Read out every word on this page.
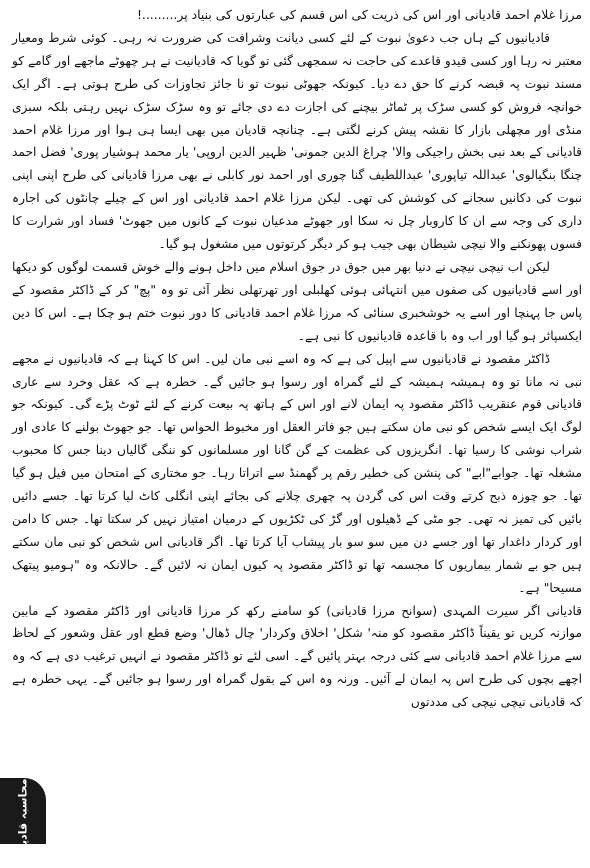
مرزا غلام احمد قادیانی اور اس کی ذریت کی اس قسم کی عبارتوں کی بنیاد پر.........!

قادیانیوں کے ہاں جب دعویٰ نبوت کے لئے کسی دیانت وشرافت کی ضرورت نہ رہی۔ کوئی شرط ومعیار معتبر نہ رہا اور کسی قیدو قاعدے کی حاجت نہ سمجھی گئی تو گویا کہ قادیانیت نے ہر چھوٹے ماجھے اور گامے کو مسند نبوت پہ قبضہ کرنے کا حق دے دیا۔ کیونکہ جھوٹی نبوت تو نا جائز تجاوزات کی طرح ہوتی ہے۔ اگر ایک خوانچہ فروش کو کسی سڑک پر ٹماٹر بیچنے کی اجازت دے دی جائے تو وہ سڑک سڑک نہیں رہتی بلکہ سبزی منڈی اور مچھلی بازار کا نقشہ پیش کرنے لگتی ہے۔ چنانچہ قادیان میں بھی ایسا ہی ہوا اور مرزا غلام احمد قادیانی کے بعد نبی بخش راجیکی والا' چراغ الدین جمونی' ظہیر الدین اروپی' یار محمد ہوشیار پوری' فضل احمد چنگا بنگیالوی' عبداللہ تیاپوری' عبداللطیف گنا چوری اور احمد نور کابلی نے بھی مرزا قادیانی کی طرح اپنی اپنی نبوت کی دکانیں سجانے کی کوشش کی تھی۔ لیکن مرزا غلام احمد قادیانی اور اس کے چیلے چانٹوں کی اجارہ داری کی وجہ سے ان کا کاروبار چل نہ سکا اور جھوٹے مدعیان نبوت کے کانوں میں جھوٹ' فساد اور شرارت کا فسوں پھونکنے والا نیچی شیطان بھی جیب ہو کر دیگر کرتوتوں میں مشغول ہو گیا۔

لیکن اب نیچی نیچی نے دنیا بھر میں جوق در جوق اسلام میں داخل ہونے والے خوش قسمت لوگوں کو دیکھا اور اسے قادیانیوں کی صفوں میں انتہائی ہوئی کھلبلی اور تھرتھلی نظر آئی تو وہ "پچ" کر کے ڈاکٹر مقصود کے پاس جا پہنچا اور اسے یہ خوشخبری سنائی کہ مرزا غلام احمد قادیانی کا دور نبوت ختم ہو چکا ہے۔ اس کا دین ایکسپائر ہو گیا اور اب وہ با قاعدہ قادیانیوں کا نبی ہے۔

ڈاکٹر مقصود نے قادیانیوں سے اپیل کی ہے کہ وہ اسے نبی مان لیں۔ اس کا کہنا ہے کہ قادیانیوں نے مجھے نبی نہ مانا تو وہ ہمیشہ ہمیشہ کے لئے گمراہ اور رسوا ہو جائیں گے۔ خطرہ ہے کہ عقل وخرد سے عاری قادیانی قوم عنقریب ڈاکٹر مقصود پہ ایمان لانے اور اس کے ہاتھ پہ بیعت کرنے کے لئے ٹوٹ پڑے گی۔ کیونکہ جو لوگ ایک ایسے شخص کو نبی مان سکتے ہیں جو فاتر العقل اور مخبوط الحواس تھا۔ جو جھوٹ بولنے کا عادی اور شراب نوشی کا رسیا تھا۔ انگریزوں کی عظمت کے گن گانا اور مسلمانوں کو ننگی گالیاں دینا جس کا محبوب مشغلہ تھا۔ جوابے"ابے" کی پنشن کی خطیر رقم پر گھمنڈ سے اتراتا رہا۔ جو مختاری کے امتحان میں فیل ہو گیا تھا۔ جو چوزہ ذبح کرتے وقت اس کی گردن پہ چھری چلانے کی بجائے اپنی انگلی کاٹ لیا کرتا تھا۔ جسے دائیں بائیں کی تمیز نہ تھی۔ جو مٹی کے ڈھیلوں اور گڑ کی ٹکڑیوں کے درمیان امتیاز نہیں کر سکتا تھا۔ جس کا دامن اور کردار داغدار تھا اور جسے دن میں سو سو بار پیشاب آیا کرتا تھا۔ اگر قادیانی اس شخص کو نبی مان سکتے ہیں جو بے شمار بیماریوں کا مجسمہ تھا تو ڈاکٹر مقصود پہ کیوں ایمان نہ لائیں گے۔ حالانکہ وہ "ہومیو پیتھک مسیحا" ہے۔

قادیانی اگر سیرت المہدی (سوانح مرزا قادیانی) کو سامنے رکھ کر مرزا قادیانی اور ڈاکٹر مقصود کے مابین موازنہ کریں تو یقیناً ڈاکٹر مقصود کو منہ' شکل' اخلاق وکردار' چال ڈھال' وضع قطع اور عقل وشعور کے لحاظ سے مرزا غلام احمد قادیانی سے کئی درجہ بہتر پائیں گے۔ اسی لئے تو ڈاکٹر مقصود نے انہیں ترغیب دی ہے کہ وہ اچھے بچوں کی طرح اس پہ ایمان لے آئیں۔ ورنہ وہ اس کے بقول گمراہ اور رسوا ہو جائیں گے۔ یہی خطرہ ہے کہ قادیانی نیچی نیچی کی مددتوں

۲۹۸ محاسبہ قادیانیت
